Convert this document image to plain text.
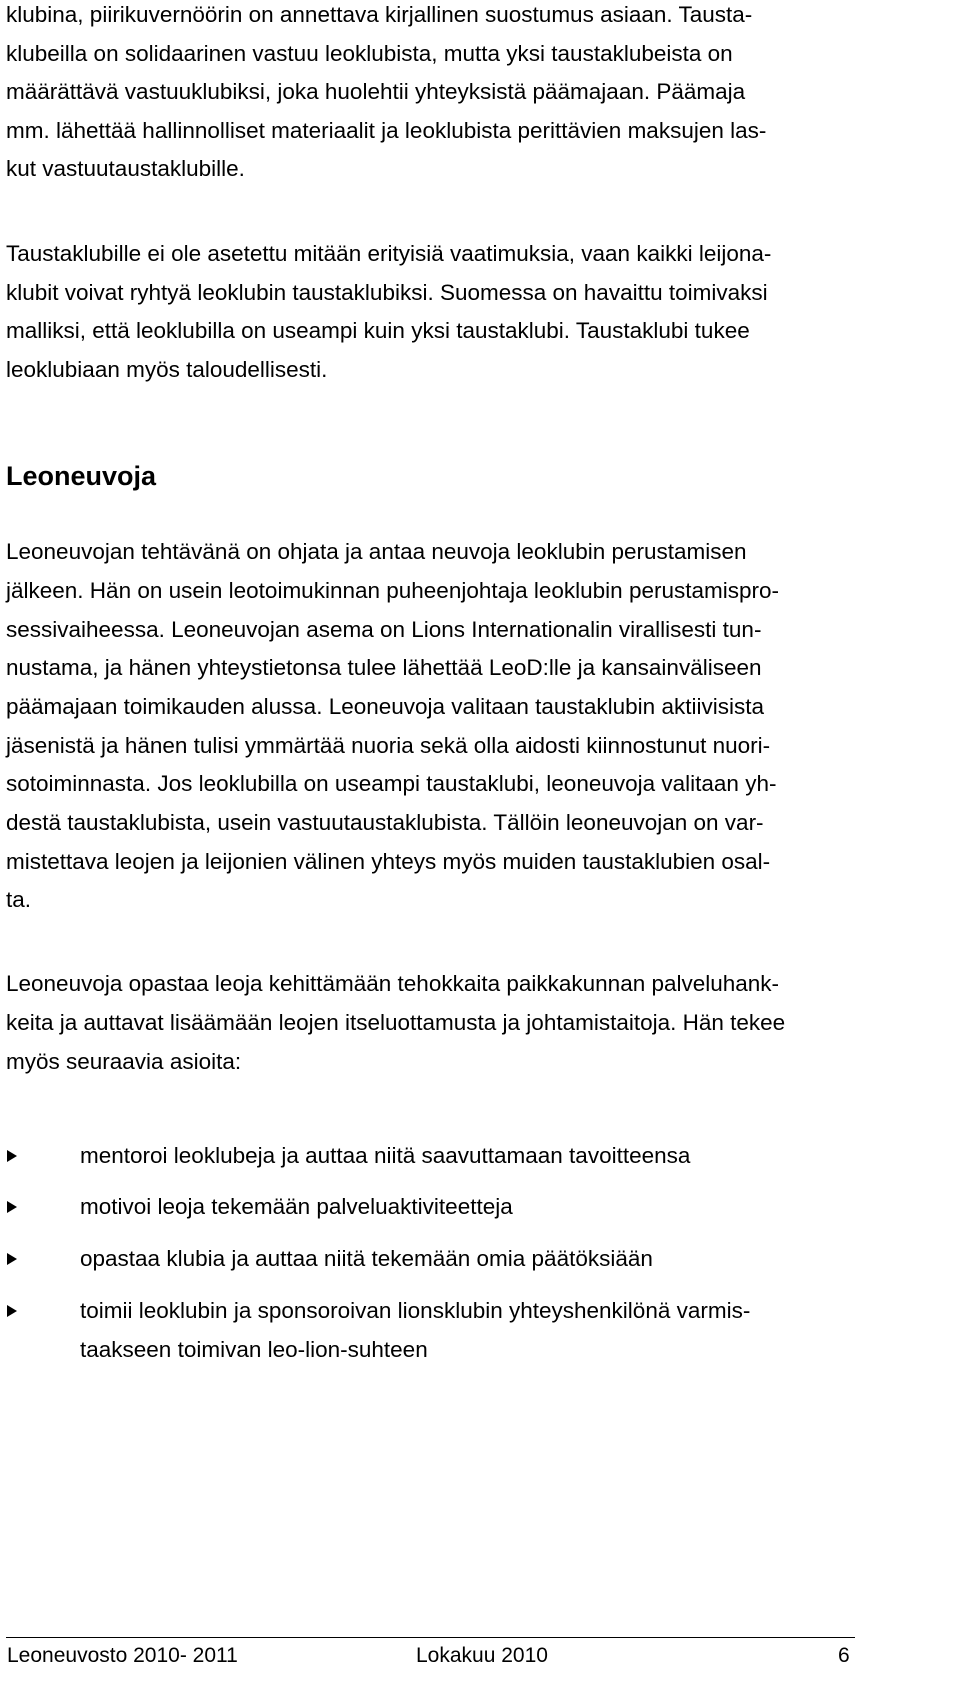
klubina, piirikuvernöörin on annettava kirjallinen suostumus asiaan. Tausta-
klubeilla on solidaarinen vastuu leoklubista, mutta yksi taustaklubeista on
määrättävä vastuuklubiksi, joka huolehtii yhteyksistä päämajaan. Päämaja
mm. lähettää hallinnolliset materiaalit ja leoklubista perittävien maksujen las-
kut vastuutaustaklubille.
Taustaklubille ei ole asetettu mitään erityisiä vaatimuksia, vaan kaikki leijona-
klubit voivat ryhtyä leoklubin taustaklubiksi. Suomessa on havaittu toimivaksi
malliksi, että leoklubilla on useampi kuin yksi taustaklubi. Taustaklubi tukee
leoklubiaan myös taloudellisesti.
Leoneuvoja
Leoneuvojan tehtävänä on ohjata ja antaa neuvoja leoklubin perustamisen
jälkeen. Hän on usein leotoimukinnan puheenjohtaja leoklubin perustamispro-
sessivaiheessa. Leoneuvojan asema on Lions Internationalin virallisesti tun-
nustama, ja hänen yhteystietonsa tulee lähettää LeoD:lle ja kansainväliseen
päämajaan toimikauden alussa. Leoneuvoja valitaan taustaklubin aktiivisista
jäsenistä ja hänen tulisi ymmärtää nuoria sekä olla aidosti kiinnostunut nuori-
sotoiminnasta. Jos leoklubilla on useampi taustaklubi, leoneuvoja valitaan yh-
destä taustaklubista, usein vastuutaustaklubista. Tällöin leoneuvojan on var-
mistettava leojen ja leijonien välinen yhteys myös muiden taustaklubien osal-
ta.
Leoneuvoja opastaa leoja kehittämään tehokkaita paikkakunnan palveluhank-
keita ja auttavat lisäämään leojen itseluottamusta ja johtamistaitoja. Hän tekee
myös seuraavia asioita:
mentoroi leoklubeja ja auttaa niitä saavuttamaan tavoitteensa
motivoi leoja tekemään palveluaktiviteetteja
opastaa klubia ja auttaa niitä tekemään omia päätöksiään
toimii leoklubin ja sponsoroivan lionsklubin yhteyshenkilönä varmis-
taakseen toimivan leo-lion-suhteen
Leoneuvosto 2010- 2011	Lokakuu 2010	6
